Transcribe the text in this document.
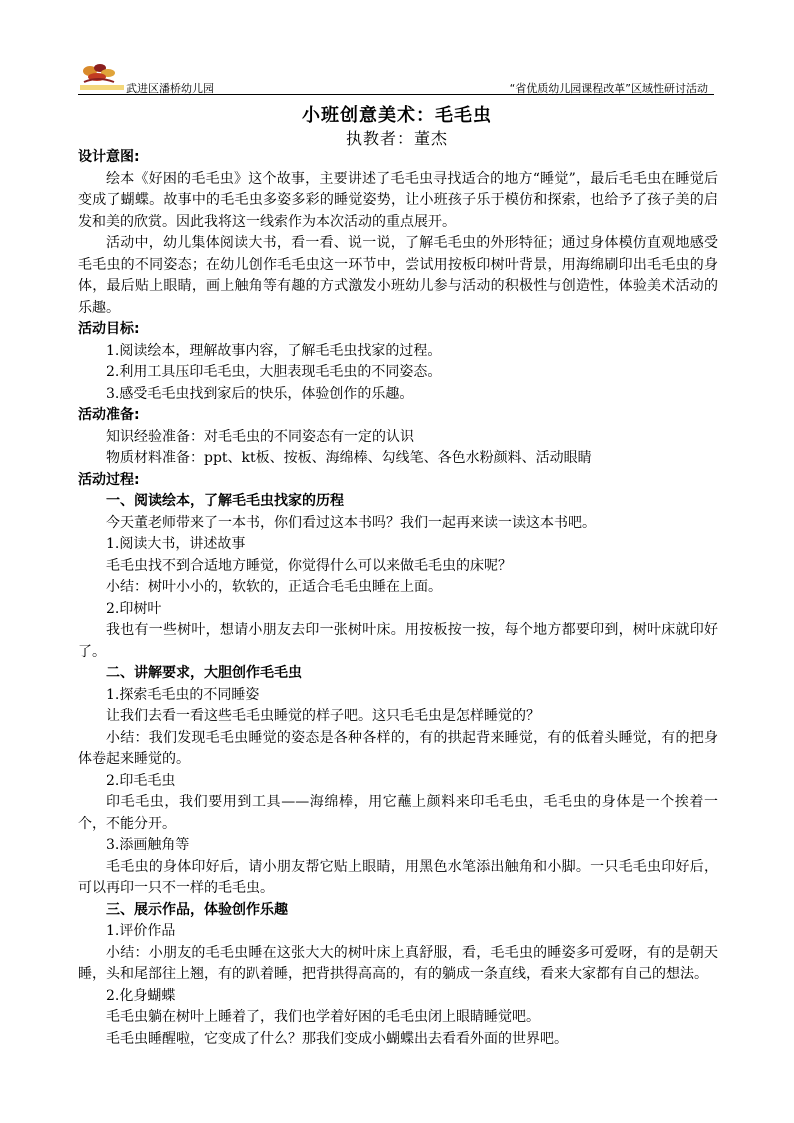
武进区潘桥幼儿园	“省优质幼儿园课程改革”区域性研讨活动
小班创意美术：毛毛虫
执教者：董杰

设计意图:

绘本《好困的毛毛虫》这个故事，主要讲述了毛毛虫寻找适合的地方“睡觉”，最后毛毛虫在睡觉后变成了蝴蝶。故事中的毛毛虫多姿多彩的睡觉姿势，让小班孩子乐于模仿和探索，也给予了孩子美的启发和美的欣赏。因此我将这一线索作为本次活动的重点展开。

活动中，幼儿集体阅读大书，看一看、说一说，了解毛毛虫的外形特征；通过身体模仿直观地感受毛毛虫的不同姿态；在幼儿创作毛毛虫这一环节中，尝试用按板印树叶背景，用海绵刷印出毛毛虫的身体，最后贴上眼睛，画上触角等有趣的方式激发小班幼儿参与活动的积极性与创造性，体验美术活动的乐趣。

活动目标:

1.阅读绘本，理解故事内容，了解毛毛虫找家的过程。

2.利用工具压印毛毛虫，大胆表现毛毛虫的不同姿态。

3.感受毛毛虫找到家后的快乐，体验创作的乐趣。

活动准备:

知识经验准备：对毛毛虫的不同姿态有一定的认识

物质材料准备：ppt、kt板、按板、海绵棒、勾线笔、各色水粉颜料、活动眼睛

活动过程:

一、阅读绘本，了解毛毛虫找家的历程

今天董老师带来了一本书，你们看过这本书吗？我们一起再来读一读这本书吧。

1.阅读大书，讲述故事

毛毛虫找不到合适地方睡觉，你觉得什么可以来做毛毛虫的床呢？

小结：树叶小小的，软软的，正适合毛毛虫睡在上面。

2.印树叶

我也有一些树叶，想请小朋友去印一张树叶床。用按板按一按，每个地方都要印到，树叶床就印好了。

二、讲解要求，大胆创作毛毛虫

1.探索毛毛虫的不同睡姿

让我们去看一看这些毛毛虫睡觉的样子吧。这只毛毛虫是怎样睡觉的？

小结：我们发现毛毛虫睡觉的姿态是各种各样的，有的拱起背来睡觉，有的低着头睡觉，有的把身体卷起来睡觉的。

2.印毛毛虫

印毛毛虫，我们要用到工具——海绵棒，用它蘸上颜料来印毛毛虫，毛毛虫的身体是一个挨着一个，不能分开。

3.添画触角等

毛毛虫的身体印好后，请小朋友帮它贴上眼睛，用黑色水笔添出触角和小脚。一只毛毛虫印好后，可以再印一只不一样的毛毛虫。

三、展示作品，体验创作乐趣

1.评价作品

小结：小朋友的毛毛虫睡在这张大大的树叶床上真舒服，看，毛毛虫的睡姿多可爱呀，有的是朝天睡，头和尾部往上翘，有的趴着睡，把背拱得高高的，有的躺成一条直线，看来大家都有自己的想法。

2.化身蝴蝶

毛毛虫躺在树叶上睡着了，我们也学着好困的毛毛虫闭上眼睛睡觉吧。

毛毛虫睡醒啦，它变成了什么？那我们变成小蝴蝶出去看看外面的世界吧。
